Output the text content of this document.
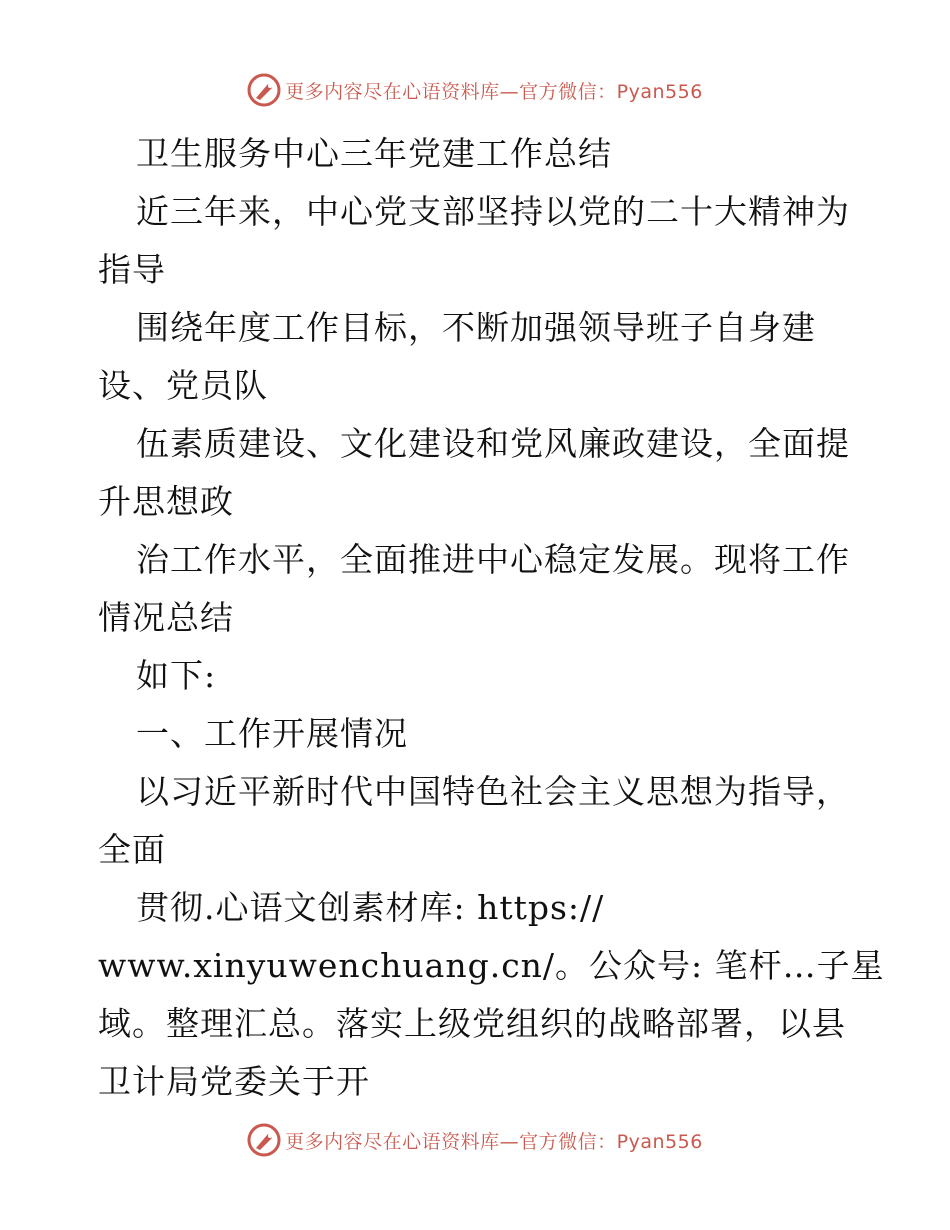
更多内容尽在心语资料库—官方微信：Pyan556
卫生服务中心三年党建工作总结
近三年来，中心党支部坚持以党的二十大精神为
指导
围绕年度工作目标，不断加强领导班子自身建
设、党员队
伍素质建设、文化建设和党风廉政建设，全面提
升思想政
治工作水平，全面推进中心稳定发展。现将工作
情况总结
如下:
一、工作开展情况
以习近平新时代中国特色社会主义思想为指导，
全面
贯彻.心语文创素材库: https://
www.xinyuwenchuang.cn/。公众号: 笔杆…子星
域。整理汇总。落实上级党组织的战略部署，以县
卫计局党委关于开
更多内容尽在心语资料库—官方微信：Pyan556
